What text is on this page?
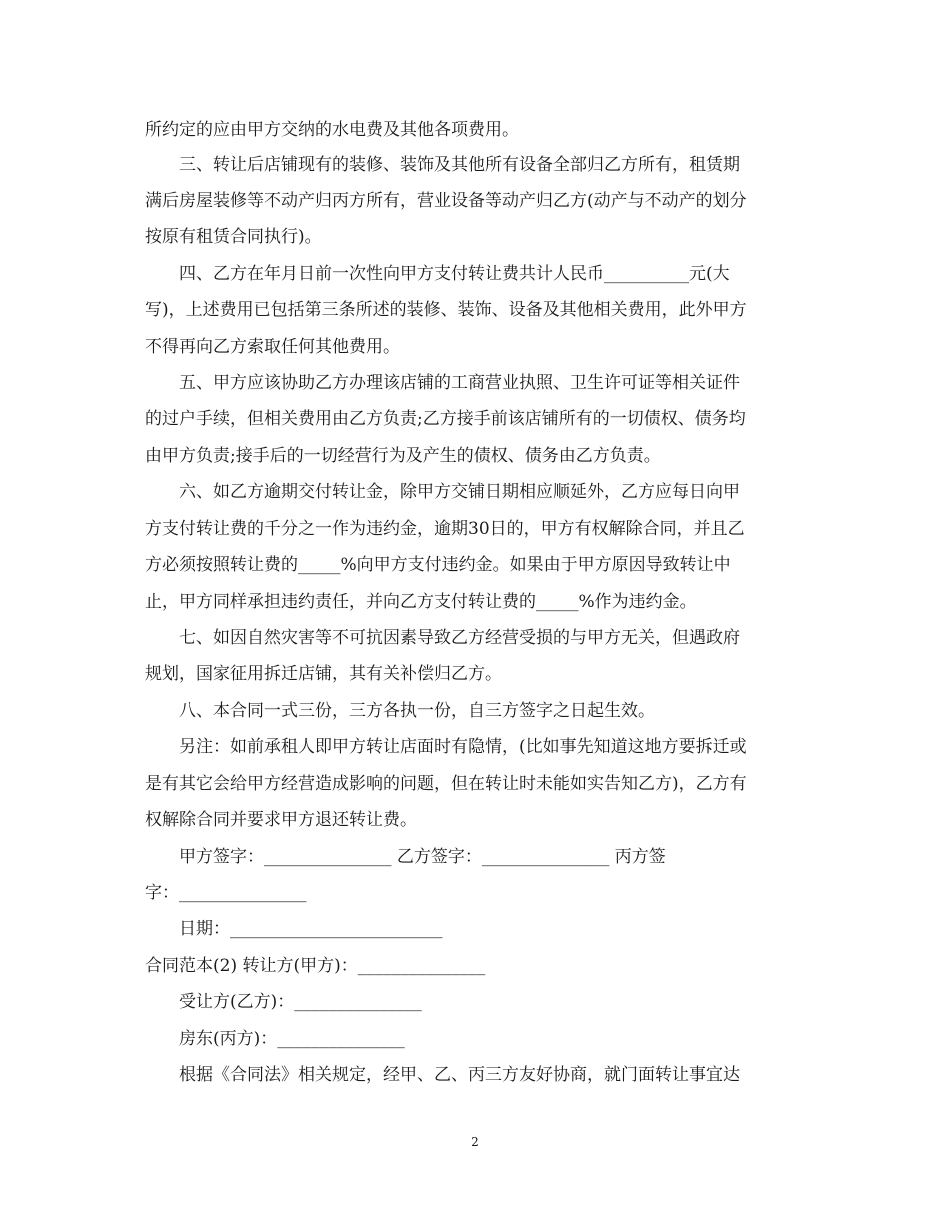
所约定的应由甲方交纳的水电费及其他各项费用。
三、转让后店铺现有的装修、装饰及其他所有设备全部归乙方所有，租赁期
满后房屋装修等不动产归丙方所有，营业设备等动产归乙方(动产与不动产的划分
按原有租赁合同执行)。
四、乙方在年月日前一次性向甲方支付转让费共计人民币__________元(大
写)，上述费用已包括第三条所述的装修、装饰、设备及其他相关费用，此外甲方
不得再向乙方索取任何其他费用。
五、甲方应该协助乙方办理该店铺的工商营业执照、卫生许可证等相关证件
的过户手续，但相关费用由乙方负责;乙方接手前该店铺所有的一切债权、债务均
由甲方负责;接手后的一切经营行为及产生的债权、债务由乙方负责。
六、如乙方逾期交付转让金，除甲方交铺日期相应顺延外，乙方应每日向甲
方支付转让费的千分之一作为违约金，逾期30日的，甲方有权解除合同，并且乙
方必须按照转让费的_____%向甲方支付违约金。如果由于甲方原因导致转让中
止，甲方同样承担违约责任，并向乙方支付转让费的_____%作为违约金。
七、如因自然灾害等不可抗因素导致乙方经营受损的与甲方无关，但遇政府
规划，国家征用拆迁店铺，其有关补偿归乙方。
八、本合同一式三份，三方各执一份，自三方签字之日起生效。
另注：如前承租人即甲方转让店面时有隐情，(比如事先知道这地方要拆迁或
是有其它会给甲方经营造成影响的问题，但在转让时未能如实告知乙方)，乙方有
权解除合同并要求甲方退还转让费。
甲方签字：_______________ 乙方签字：_______________ 丙方签
字：_______________
日期：_________________________
合同范本(2) 转让方(甲方)：_______________
受让方(乙方)：_______________
房东(丙方)：_______________
根据《合同法》相关规定，经甲、乙、丙三方友好协商，就门面转让事宜达
2
